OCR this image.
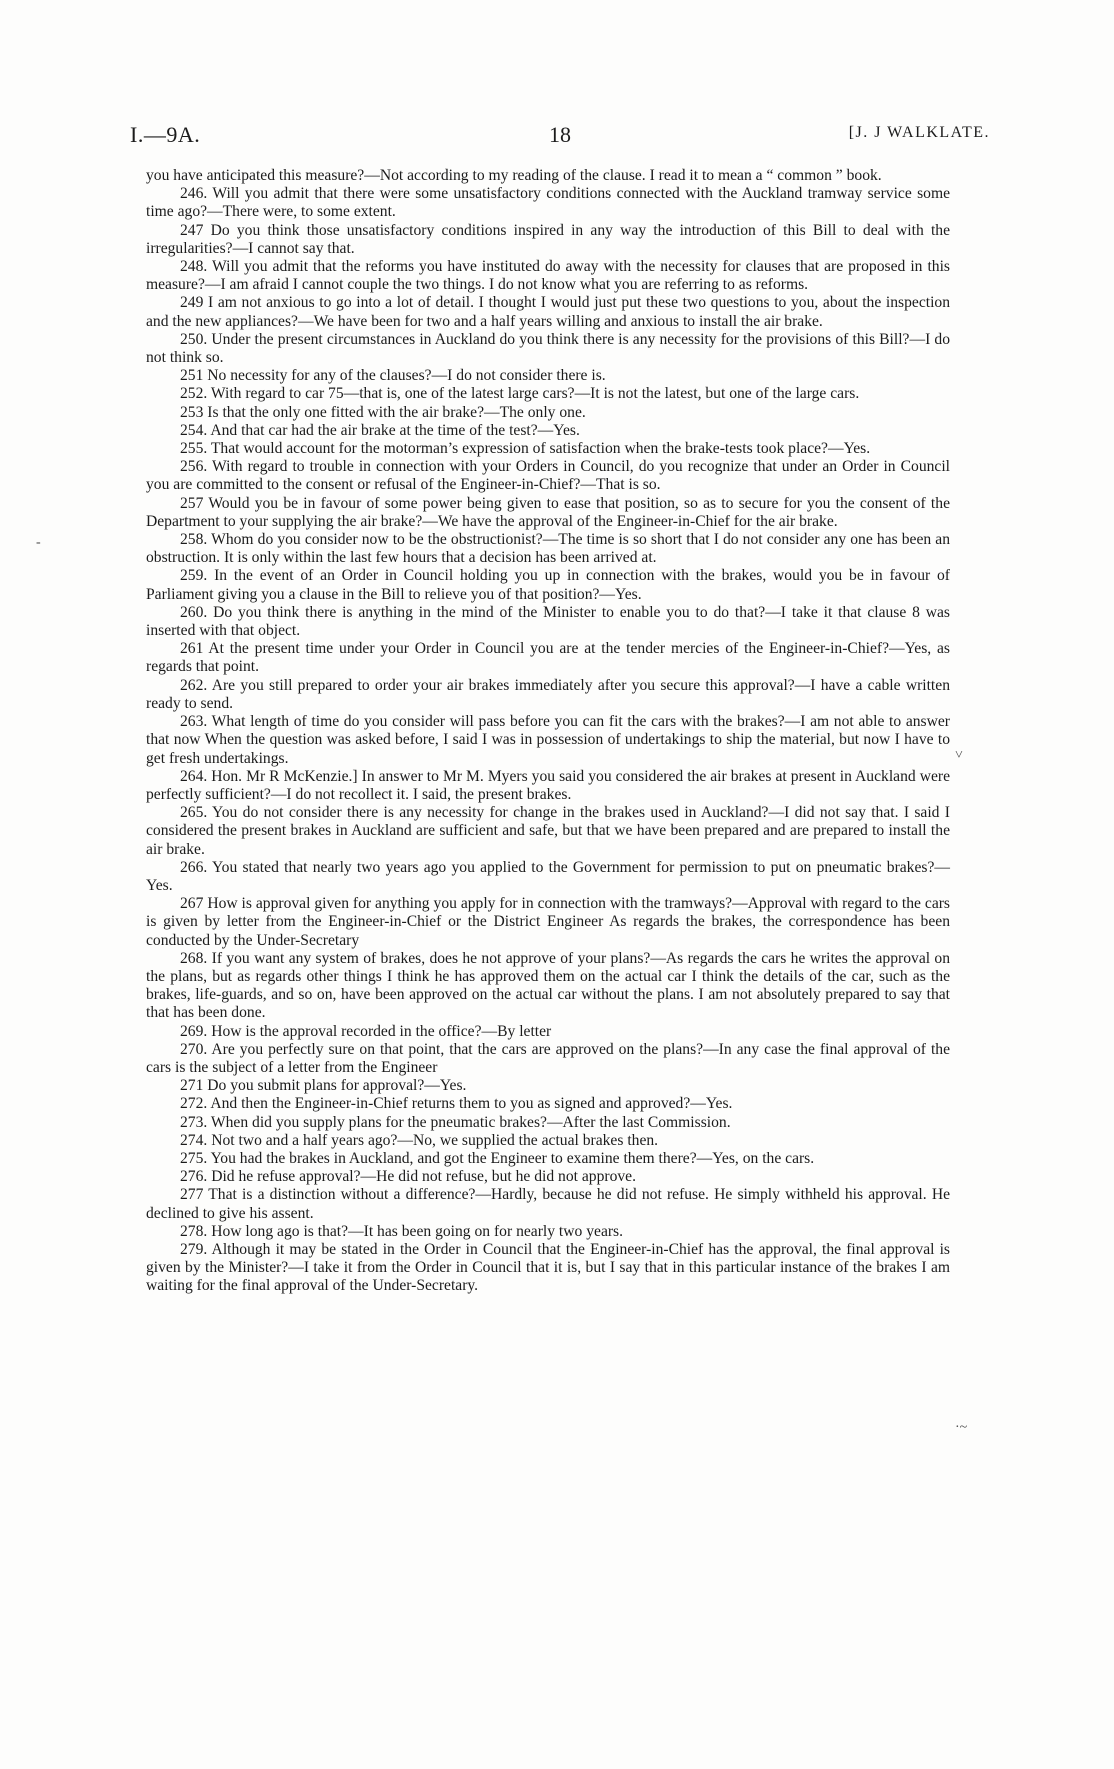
I.—9A.	18	[J. J WALKLATE.

you have anticipated this measure?—Not according to my reading of the clause. I read it to mean a “ common ” book.

246. Will you admit that there were some unsatisfactory conditions connected with the Auckland tramway service some time ago?—There were, to some extent.

247 Do you think those unsatisfactory conditions inspired in any way the introduction of this Bill to deal with the irregularities?—I cannot say that.

248. Will you admit that the reforms you have instituted do away with the necessity for clauses that are proposed in this measure?—I am afraid I cannot couple the two things. I do not know what you are referring to as reforms.

249 I am not anxious to go into a lot of detail. I thought I would just put these two questions to you, about the inspection and the new appliances?—We have been for two and a half years willing and anxious to install the air brake.

250. Under the present circumstances in Auckland do you think there is any necessity for the provisions of this Bill?—I do not think so.

251 No necessity for any of the clauses?—I do not consider there is.

252. With regard to car 75—that is, one of the latest large cars?—It is not the latest, but one of the large cars.

253 Is that the only one fitted with the air brake?—The only one.

254. And that car had the air brake at the time of the test?—Yes.

255. That would account for the motorman’s expression of satisfaction when the brake-tests took place?—Yes.

256. With regard to trouble in connection with your Orders in Council, do you recognize that under an Order in Council you are committed to the consent or refusal of the Engineer-in-Chief?—That is so.

257 Would you be in favour of some power being given to ease that position, so as to secure for you the consent of the Department to your supplying the air brake?—We have the approval of the Engineer-in-Chief for the air brake.

258. Whom do you consider now to be the obstructionist?—The time is so short that I do not consider any one has been an obstruction. It is only within the last few hours that a decision has been arrived at.

259. In the event of an Order in Council holding you up in connection with the brakes, would you be in favour of Parliament giving you a clause in the Bill to relieve you of that position?—Yes.

260. Do you think there is anything in the mind of the Minister to enable you to do that?—I take it that clause 8 was inserted with that object.

261 At the present time under your Order in Council you are at the tender mercies of the Engineer-in-Chief?—Yes, as regards that point.

262. Are you still prepared to order your air brakes immediately after you secure this approval?—I have a cable written ready to send.

263. What length of time do you consider will pass before you can fit the cars with the brakes?—I am not able to answer that now When the question was asked before, I said I was in possession of undertakings to ship the material, but now I have to get fresh undertakings.

264. Hon. Mr R McKenzie.] In answer to Mr M. Myers you said you considered the air brakes at present in Auckland were perfectly sufficient?—I do not recollect it. I said, the present brakes.

265. You do not consider there is any necessity for change in the brakes used in Auckland?—I did not say that. I said I considered the present brakes in Auckland are sufficient and safe, but that we have been prepared and are prepared to install the air brake.

266. You stated that nearly two years ago you applied to the Government for permission to put on pneumatic brakes?—Yes.

267 How is approval given for anything you apply for in connection with the tramways?—Approval with regard to the cars is given by letter from the Engineer-in-Chief or the District Engineer As regards the brakes, the correspondence has been conducted by the Under-Secretary

268. If you want any system of brakes, does he not approve of your plans?—As regards the cars he writes the approval on the plans, but as regards other things I think he has approved them on the actual car I think the details of the car, such as the brakes, life-guards, and so on, have been approved on the actual car without the plans. I am not absolutely prepared to say that that has been done.

269. How is the approval recorded in the office?—By letter

270. Are you perfectly sure on that point, that the cars are approved on the plans?—In any case the final approval of the cars is the subject of a letter from the Engineer

271 Do you submit plans for approval?—Yes.

272. And then the Engineer-in-Chief returns them to you as signed and approved?—Yes.

273. When did you supply plans for the pneumatic brakes?—After the last Commission.

274. Not two and a half years ago?—No, we supplied the actual brakes then.

275. You had the brakes in Auckland, and got the Engineer to examine them there?—Yes, on the cars.

276. Did he refuse approval?—He did not refuse, but he did not approve.

277 That is a distinction without a difference?—Hardly, because he did not refuse. He simply withheld his approval. He declined to give his assent.

278. How long ago is that?—It has been going on for nearly two years.

279. Although it may be stated in the Order in Council that the Engineer-in-Chief has the approval, the final approval is given by the Minister?—I take it from the Order in Council that it is, but I say that in this particular instance of the brakes I am waiting for the final approval of the Under-Secretary.

-
˅
·~
